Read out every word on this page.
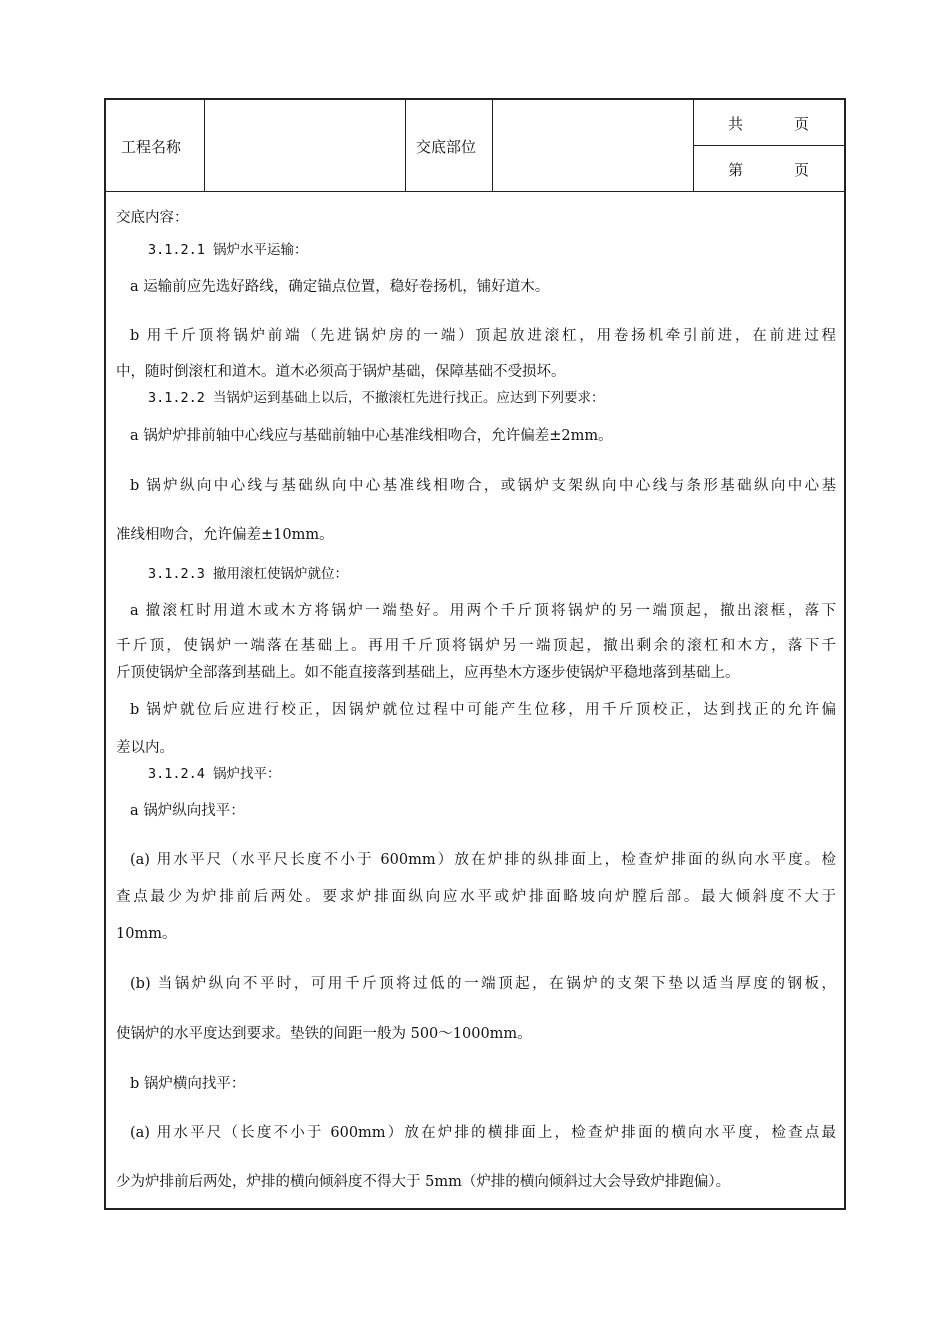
工程名称	交底部位
共	页
第	页
交底内容：
3.1.2.1 锅炉水平运输：
a 运输前应先选好路线，确定锚点位置，稳好卷扬机，铺好道木。
b 用千斤顶将锅炉前端（先进锅炉房的一端）顶起放进滚杠，用卷扬机牵引前进，在前进过程
中，随时倒滚杠和道木。道木必须高于锅炉基础，保障基础不受损坏。
3.1.2.2 当锅炉运到基础上以后，不撤滚杠先进行找正。应达到下列要求：
a 锅炉炉排前轴中心线应与基础前轴中心基准线相吻合，允许偏差±2mm。
b 锅炉纵向中心线与基础纵向中心基准线相吻合，或锅炉支架纵向中心线与条形基础纵向中心基
准线相吻合，允许偏差±10mm。
3.1.2.3 撤用滚杠使锅炉就位：
a 撤滚杠时用道木或木方将锅炉一端垫好。用两个千斤顶将锅炉的另一端顶起，撤出滚框，落下
千斤顶，使锅炉一端落在基础上。再用千斤顶将锅炉另一端顶起，撤出剩余的滚杠和木方，落下千
斤顶使锅炉全部落到基础上。如不能直接落到基础上，应再垫木方逐步使锅炉平稳地落到基础上。
b 锅炉就位后应进行校正，因锅炉就位过程中可能产生位移，用千斤顶校正，达到找正的允许偏
差以内。
3.1.2.4 锅炉找平：
a 锅炉纵向找平：
(a) 用水平尺（水平尺长度不小于 600mm）放在炉排的纵排面上，检查炉排面的纵向水平度。检
查点最少为炉排前后两处。要求炉排面纵向应水平或炉排面略坡向炉膛后部。最大倾斜度不大于
10mm。
(b) 当锅炉纵向不平时，可用千斤顶将过低的一端顶起，在锅炉的支架下垫以适当厚度的钢板，
使锅炉的水平度达到要求。垫铁的间距一般为 500～1000mm。
b 锅炉横向找平：
(a) 用水平尺（长度不小于 600mm）放在炉排的横排面上，检查炉排面的横向水平度，检查点最
少为炉排前后两处，炉排的横向倾斜度不得大于 5mm（炉排的横向倾斜过大会导致炉排跑偏）。
